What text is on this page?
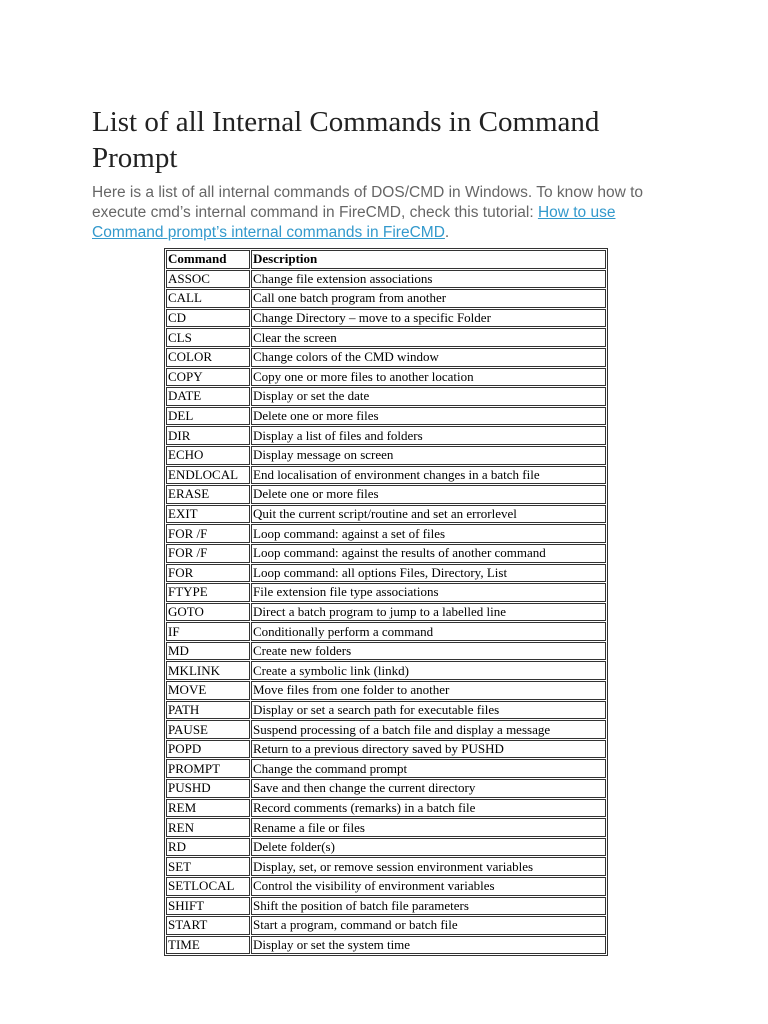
List of all Internal Commands in Command Prompt

Here is a list of all internal commands of DOS/CMD in Windows. To know how to execute cmd’s internal command in FireCMD, check this tutorial: How to use Command prompt’s internal commands in FireCMD.

Command	Description
ASSOC	Change file extension associations
CALL	Call one batch program from another
CD	Change Directory – move to a specific Folder
CLS	Clear the screen
COLOR	Change colors of the CMD window
COPY	Copy one or more files to another location
DATE	Display or set the date
DEL	Delete one or more files
DIR	Display a list of files and folders
ECHO	Display message on screen
ENDLOCAL	End localisation of environment changes in a batch file
ERASE	Delete one or more files
EXIT	Quit the current script/routine and set an errorlevel
FOR /F	Loop command: against a set of files
FOR /F	Loop command: against the results of another command
FOR	Loop command: all options Files, Directory, List
FTYPE	File extension file type associations
GOTO	Direct a batch program to jump to a labelled line
IF	Conditionally perform a command
MD	Create new folders
MKLINK	Create a symbolic link (linkd)
MOVE	Move files from one folder to another
PATH	Display or set a search path for executable files
PAUSE	Suspend processing of a batch file and display a message
POPD	Return to a previous directory saved by PUSHD
PROMPT	Change the command prompt
PUSHD	Save and then change the current directory
REM	Record comments (remarks) in a batch file
REN	Rename a file or files
RD	Delete folder(s)
SET	Display, set, or remove session environment variables
SETLOCAL	Control the visibility of environment variables
SHIFT	Shift the position of batch file parameters
START	Start a program, command or batch file
TIME	Display or set the system time
